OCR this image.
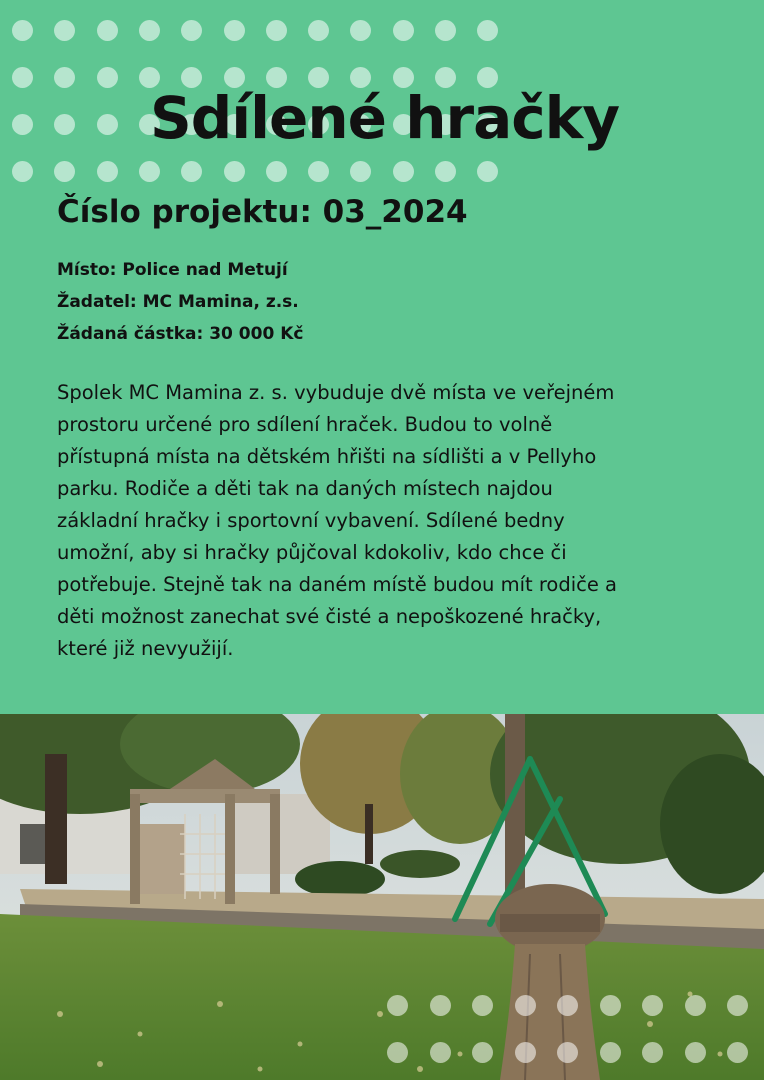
Sdílené hračky
Číslo projektu: 03_2024
Místo: Police nad Metují
Žadatel: MC Mamina, z.s.
Žádaná částka: 30 000 Kč
Spolek MC Mamina z. s. vybuduje dvě místa ve veřejném
prostoru určené pro sdílení hraček. Budou to volně
přístupná místa na dětském hřišti na sídlišti a v Pellyho
parku. Rodiče a děti tak na daných místech najdou
základní hračky i sportovní vybavení. Sdílené bedny
umožní, aby si hračky půjčoval kdokoliv, kdo chce či
potřebuje. Stejně tak na daném místě budou mít rodiče a
děti možnost zanechat své čisté a nepoškozené hračky,
které již nevyužijí.
